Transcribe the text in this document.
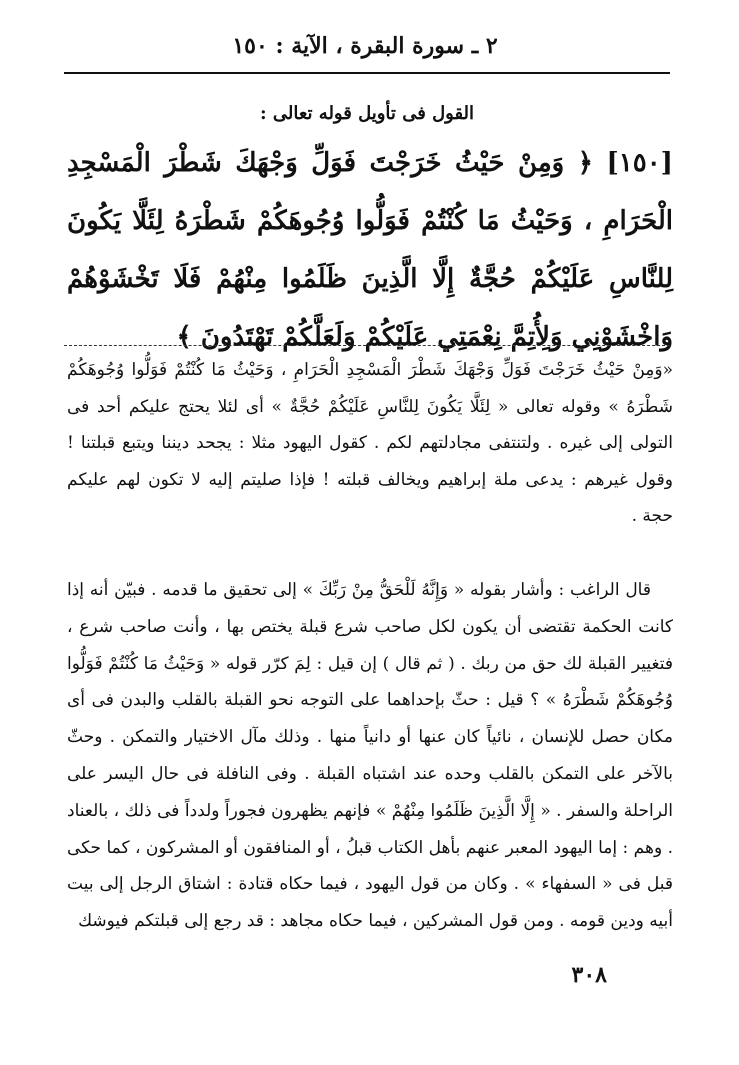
٢ ـ سورة البقرة ، الآية : ١٥٠
القول فى تأويل قوله تعالى :
[١٥٠] ﴿ وَمِنْ حَيْثُ خَرَجْتَ فَوَلِّ وَجْهَكَ شَطْرَ الْمَسْجِدِ الْحَرَامِ ، وَحَيْثُ مَا كُنْتُمْ فَوَلُّوا وُجُوهَكُمْ شَطْرَهُ لِئَلَّا يَكُونَ لِلنَّاسِ عَلَيْكُمْ حُجَّةٌ إِلَّا الَّذِينَ ظَلَمُوا مِنْهُمْ فَلَا تَخْشَوْهُمْ وَاخْشَوْنِي وَلِأُتِمَّ نِعْمَتِي عَلَيْكُمْ وَلَعَلَّكُمْ تَهْتَدُونَ ﴾
«وَمِنْ حَيْثُ خَرَجْتَ فَوَلِّ وَجْهَكَ شَطْرَ الْمَسْجِدِ الْحَرَامِ ، وَحَيْثُ مَا كُنْتُمْ فَوَلُّوا وُجُوهَكُمْ شَطْرَهُ » وقوله تعالى « لِئَلَّا يَكُونَ لِلنَّاسِ عَلَيْكُمْ حُجَّةٌ » أى لئلا يحتج عليكم أحد فى التولى إلى غيره . ولتنتفى مجادلتهم لكم . كقول اليهود مثلا : يجحد ديننا ويتبع قبلتنا ! وقول غيرهم : يدعى ملة إبراهيم ويخالف قبلته ! فإذا صليتم إليه لا تكون لهم عليكم حجة .
قال الراغب : وأشار بقوله « وَإِنَّهُ لَلْحَقُّ مِنْ رَبِّكَ » إلى تحقيق ما قدمه . فبيّن أنه إذا كانت الحكمة تقتضى أن يكون لكل صاحب شرع قبلة يختص بها ، وأنت صاحب شرع ، فتغيير القبلة لك حق من ربك . ( ثم قال ) إن قيل : لِمَ كرّر قوله « وَحَيْثُ مَا كُنْتُمْ فَوَلُّوا وُجُوهَكُمْ شَطْرَهُ » ؟ قيل : حثّ بإحداهما على التوجه نحو القبلة بالقلب والبدن فى أى مكان حصل للإنسان ، نائياً كان عنها أو دانياً منها . وذلك مآل الاختيار والتمكن . وحثّ بالآخر على التمكن بالقلب وحده عند اشتباه القبلة . وفى النافلة فى حال اليسر على الراحلة والسفر . « إِلَّا الَّذِينَ ظَلَمُوا مِنْهُمْ » فإنهم يظهرون فجوراً ولدداً فى ذلك ، بالعناد . وهم : إما اليهود المعبر عنهم بأهل الكتاب قبلُ ، أو المنافقون أو المشركون ، كما حكى قبل فى « السفهاء » . وكان من قول اليهود ، فيما حكاه قتادة : اشتاق الرجل إلى بيت أبيه ودين قومه . ومن قول المشركين ، فيما حكاه مجاهد : قد رجع إلى قبلتكم فيوشك
٣٠٨
